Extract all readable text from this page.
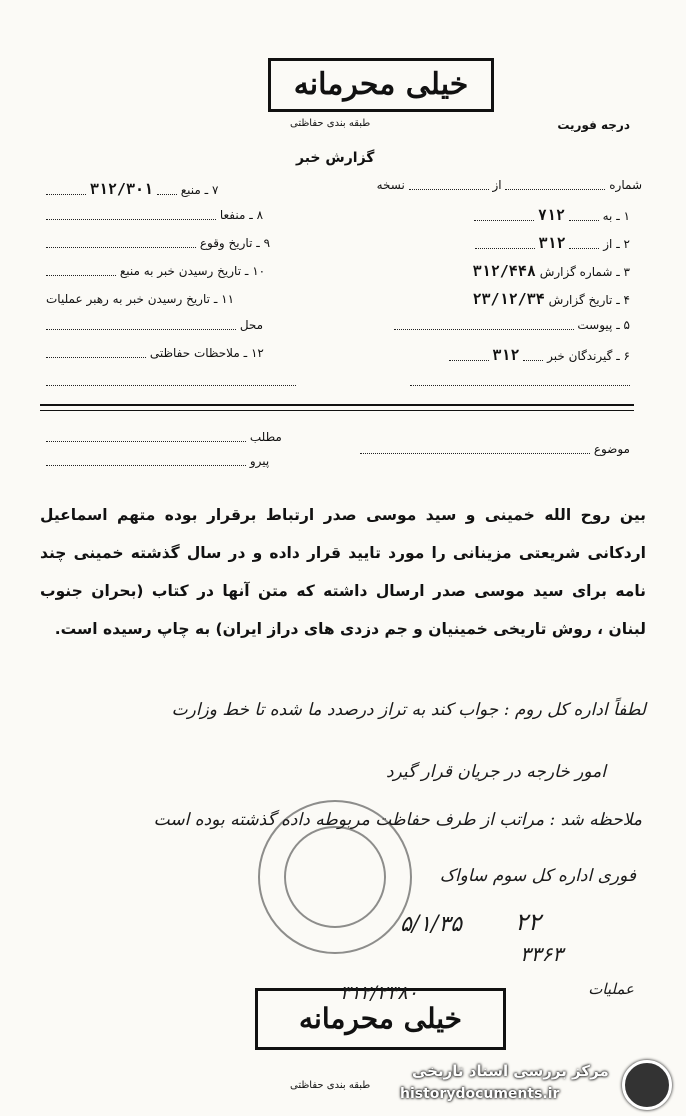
خیلی محرمانه
طبقه بندی حفاظتی	درجه فوریت
گزارش خبر
شماره  از  نسخه
۱ ـ به  ۷۱۲
۲ ـ از  ۳۱۲
۳ ـ شماره گزارش ۳۱۲/۴۴۸
۴ ـ تاریخ گزارش ۲۳/۱۲/۳۴
۵ ـ پیوست
۶ ـ گیرندگان خبر  ۳۱۲
۷ ـ منبع  ۳۱۲/۳۰۱
۸ ـ منفعا
۹ ـ تاریخ وقوع
۱۰ ـ تاریخ رسیدن خبر به منبع
۱۱ ـ تاریخ رسیدن خبر به رهبر عملیات
محل
۱۲ ـ ملاحظات حفاظتی
موضوع
مطلب
پیرو
بین روح الله خمینی و سید موسی صدر ارتباط برقرار بوده متهم اسماعیل اردکانی شریعتی مزینانی را مورد تایید قرار داده و در سال گذشته خمینی چند نامه برای سید موسی صدر ارسال داشته که متن آنها در کتاب (بحران جنوب لبنان ، روش تاریخی خمینیان و جم دزدی های دراز ایران) به چاپ رسیده است.
لطفاً اداره کل روم : جواب کند به تراز درصدد ما شده تا خط وزارت
امور خارجه در جریان قرار گیرد
ملاحظه شد : مراتب از طرف حفاظت مربوطه داده گذشته بوده است
فوری اداره کل سوم ساواک
۲۲
۵/۱/۳۵
۳۳۶۳
عملیات
خیلی محرمانه
۳۱۲/۲۳۸۰
طبقه بندی حفاظتی
مرکز بررسی اسناد تاریخی
historydocuments.ir
